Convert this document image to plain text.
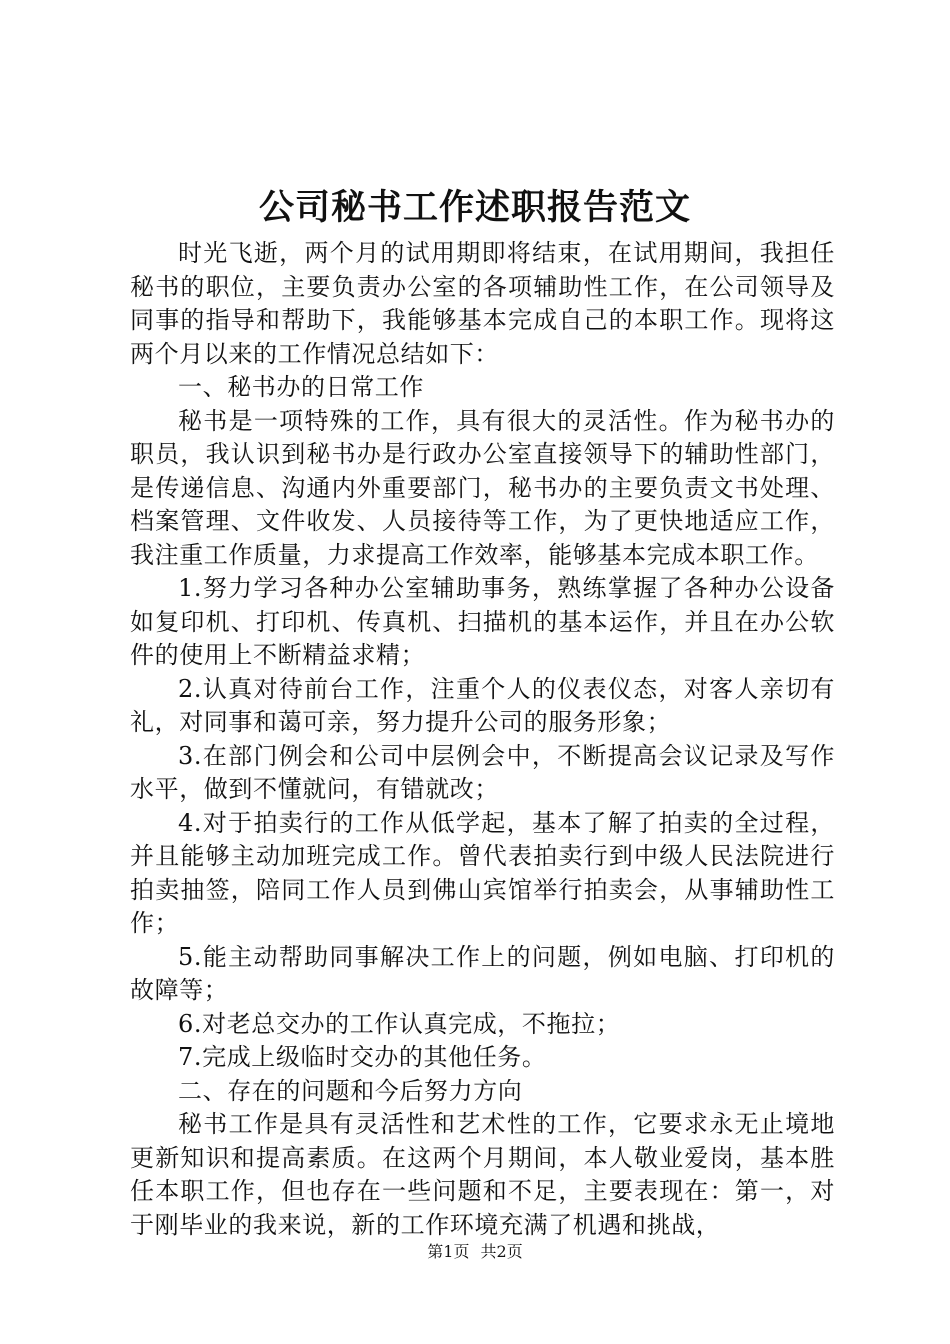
公司秘书工作述职报告范文

时光飞逝，两个月的试用期即将结束，在试用期间，我担任秘书的职位，主要负责办公室的各项辅助性工作，在公司领导及同事的指导和帮助下，我能够基本完成自己的本职工作。现将这两个月以来的工作情况总结如下：

一、秘书办的日常工作

秘书是一项特殊的工作，具有很大的灵活性。作为秘书办的职员，我认识到秘书办是行政办公室直接领导下的辅助性部门，是传递信息、沟通内外重要部门，秘书办的主要负责文书处理、档案管理、文件收发、人员接待等工作，为了更快地适应工作，我注重工作质量，力求提高工作效率，能够基本完成本职工作。

1.努力学习各种办公室辅助事务，熟练掌握了各种办公设备如复印机、打印机、传真机、扫描机的基本运作，并且在办公软件的使用上不断精益求精；

2.认真对待前台工作，注重个人的仪表仪态，对客人亲切有礼，对同事和蔼可亲，努力提升公司的服务形象；

3.在部门例会和公司中层例会中，不断提高会议记录及写作水平，做到不懂就问，有错就改；

4.对于拍卖行的工作从低学起，基本了解了拍卖的全过程，并且能够主动加班完成工作。曾代表拍卖行到中级人民法院进行拍卖抽签，陪同工作人员到佛山宾馆举行拍卖会，从事辅助性工作；

5.能主动帮助同事解决工作上的问题，例如电脑、打印机的故障等；

6.对老总交办的工作认真完成，不拖拉；

7.完成上级临时交办的其他任务。

二、存在的问题和今后努力方向

秘书工作是具有灵活性和艺术性的工作，它要求永无止境地更新知识和提高素质。在这两个月期间，本人敬业爱岗，基本胜任本职工作，但也存在一些问题和不足，主要表现在：第一，对于刚毕业的我来说，新的工作环境充满了机遇和挑战，

第1页 共2页
